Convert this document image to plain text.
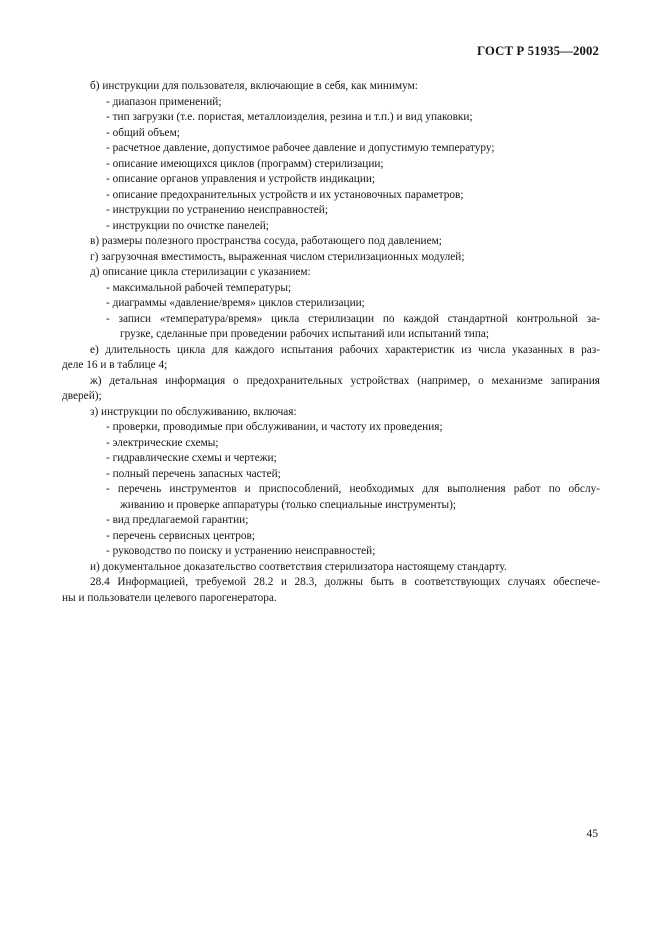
ГОСТ Р 51935—2002
б) инструкции для пользователя, включающие в себя, как минимум:
- диапазон применений;
- тип загрузки (т.е. пористая, металлоизделия, резина и т.п.) и вид упаковки;
- общий объем;
- расчетное давление, допустимое рабочее давление и допустимую температуру;
- описание имеющихся циклов (программ) стерилизации;
- описание органов управления и устройств индикации;
- описание предохранительных устройств и их установочных параметров;
- инструкции по устранению неисправностей;
- инструкции по очистке панелей;
в) размеры полезного пространства сосуда, работающего под давлением;
г) загрузочная вместимость, выраженная числом стерилизационных модулей;
д) описание цикла стерилизации с указанием:
- максимальной рабочей температуры;
- диаграммы «давление/время» циклов стерилизации;
- записи «температура/время» цикла стерилизации по каждой стандартной контрольной за-
грузке, сделанные при проведении рабочих испытаний или испытаний типа;
е) длительность цикла для каждого испытания рабочих характеристик из числа указанных в раз-
деле 16 и в таблице 4;
ж) детальная информация о предохранительных устройствах (например, о механизме запирания
дверей);
з) инструкции по обслуживанию, включая:
- проверки, проводимые при обслуживании, и частоту их проведения;
- электрические схемы;
- гидравлические схемы и чертежи;
- полный перечень запасных частей;
- перечень инструментов и приспособлений, необходимых для выполнения работ по обслу-
живанию и проверке аппаратуры (только специальные инструменты);
- вид предлагаемой гарантии;
- перечень сервисных центров;
- руководство по поиску и устранению неисправностей;
и) документальное доказательство соответствия стерилизатора настоящему стандарту.
28.4 Информацией, требуемой 28.2 и 28.3, должны быть в соответствующих случаях обеспече-
ны и пользователи целевого парогенератора.
45
